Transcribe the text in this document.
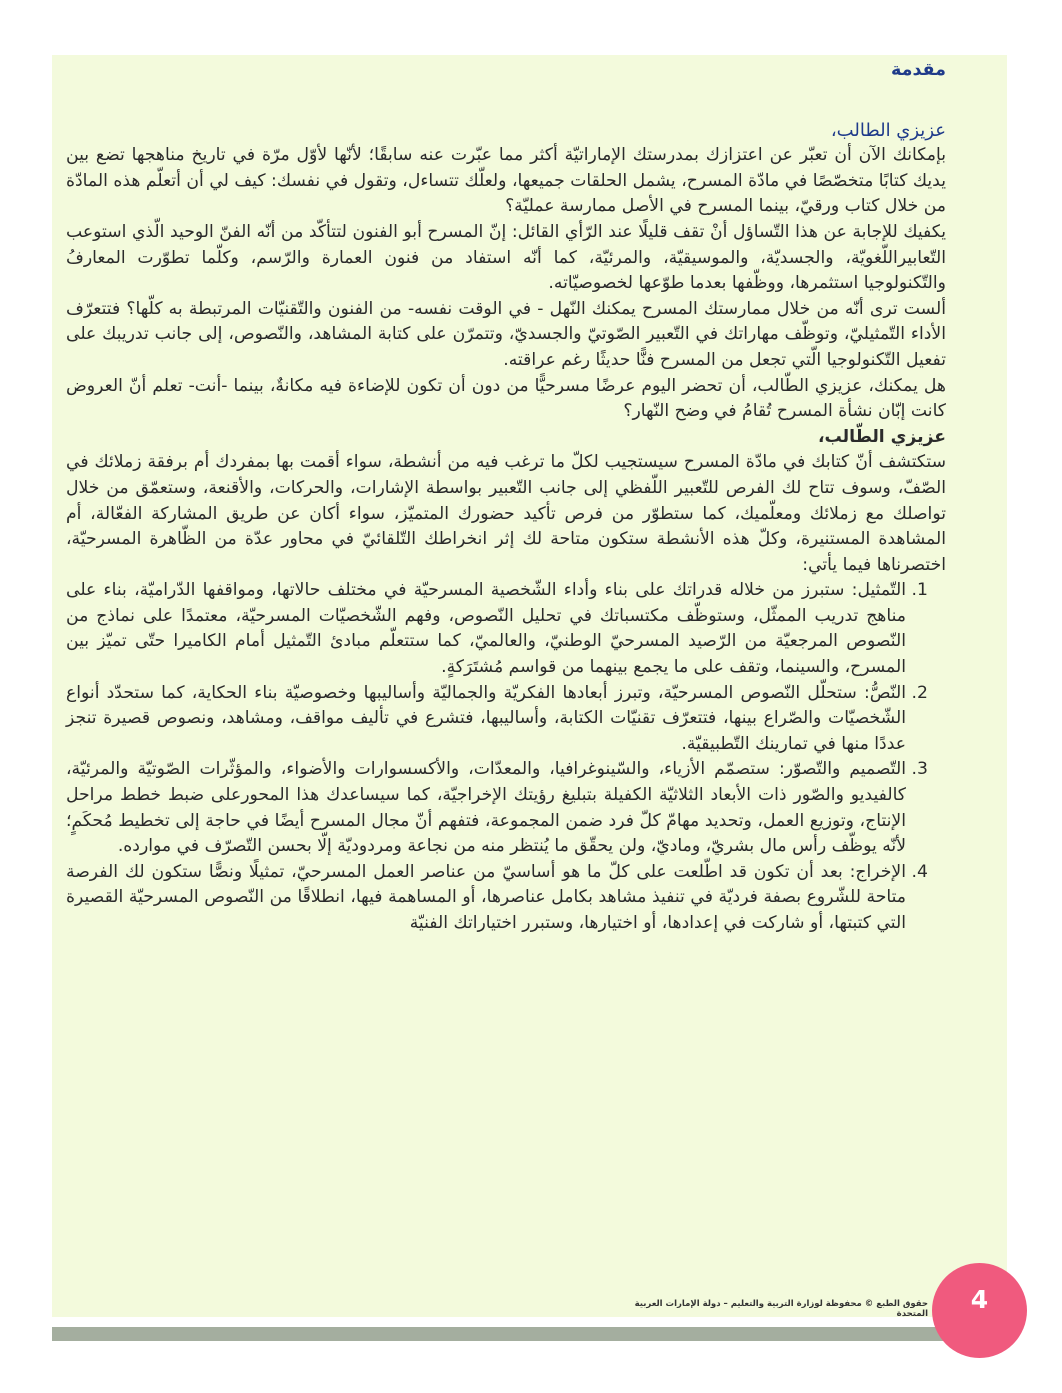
مقدمة

عزيزي الطالب،

بإمكانك الآن أن تعبّر عن اعتزازك بمدرستك الإماراتيّة أكثر مما عبّرت عنه سابقًا؛ لأنّها لأوّل مرّة في تاريخ مناهجها تضع بين يديك كتابًا متخصّصًا في مادّة المسرح، يشمل الحلقات جميعها، ولعلّك تتساءل، وتقول في نفسك: كيف لي أن أتعلّم هذه المادّة من خلال كتاب ورقيّ، بينما المسرح في الأصل ممارسة عمليّة؟

يكفيك للإجابة عن هذا التّساؤل أنْ تقف قليلًا عند الرّأي القائل: إنّ المسرح أبو الفنون لتتأكّد من أنّه الفنّ الوحيد الّذي استوعب التّعابيراللّغويّة، والجسديّة، والموسيقيّة، والمرئيّة، كما أنّه استفاد من فنون العمارة والرّسم، وكلّما تطوّرت المعارفُ والتّكنولوجيا استثمرها، ووظّفها بعدما طوّعها لخصوصيّاته.

ألست ترى أنّه من خلال ممارستك المسرح يمكنك النّهل - في الوقت نفسه- من الفنون والتّقنيّات المرتبطة به كلّها؟ فتتعرّف الأداء التّمثيليّ، وتوظّف مهاراتك في التّعبير الصّوتيّ والجسديّ، وتتمرّن على كتابة المشاهد، والنّصوص، إلى جانب تدريبك على تفعيل التّكنولوجيا الّتي تجعل من المسرح فنًّا حديثًا رغم عراقته.

هل يمكنك، عزيزي الطّالب، أن تحضر اليوم عرضًا مسرحيًّا من دون أن تكون للإضاءة فيه مكانةٌ، بينما -أنت- تعلم أنّ العروض كانت إبّان نشأة المسرح تُقامُ في وضح النّهار؟

عزيزي الطّالب،

ستكتشف أنّ كتابك في مادّة المسرح سيستجيب لكلّ ما ترغب فيه من أنشطة، سواء أقمت بها بمفردك أم برفقة زملائك في الصّفّ، وسوف تتاح لك الفرص للتّعبير اللّفظي إلى جانب التّعبير بواسطة الإشارات، والحركات، والأقنعة، وستعمّق من خلال تواصلك مع زملائك ومعلّميك، كما ستطوّر من فرص تأكيد حضورك المتميّز، سواء أكان عن طريق المشاركة الفعّالة، أم المشاهدة المستنيرة، وكلّ هذه الأنشطة ستكون متاحة لك إثر انخراطك التّلقائيّ في محاور عدّة من الظّاهرة المسرحيّة، اختصرناها فيما يأتي:

1. التّمثيل: ستبرز من خلاله قدراتك على بناء وأداء الشّخصية المسرحيّة في مختلف حالاتها، ومواقفها الدّراميّة، بناء على مناهج تدريب الممثّل، وستوظّف مكتسباتك في تحليل النّصوص، وفهم الشّخصيّات المسرحيّة، معتمدًا على نماذج من النّصوص المرجعيّة من الرّصيد المسرحيّ الوطنيّ، والعالميّ، كما ستتعلّم مبادئ التّمثيل أمام الكاميرا حتّى تميّز بين المسرح، والسينما، وتقف على ما يجمع بينهما من قواسم مُشتَرَكةٍ.
2. النّصُّ: ستحلّل النّصوص المسرحيّة، وتبرز أبعادها الفكريّة والجماليّة وأساليبها وخصوصيّة بناء الحكاية، كما ستحدّد أنواع الشّخصيّات والصّراع بينها، فتتعرّف تقنيّات الكتابة، وأساليبها، فتشرع في تأليف مواقف، ومشاهد، ونصوص قصيرة تنجز عددًا منها في تمارينك التّطبيقيّة.
3. التّصميم والتّصوّر: ستصمّم الأزياء، والسّينوغرافيا، والمعدّات، والأكسسوارات والأضواء، والمؤثّرات الصّوتيّة والمرئيّة، كالفيديو والصّور ذات الأبعاد الثلاثيّة الكفيلة بتبليغ رؤيتك الإخراجيّة، كما سيساعدك هذا المحورعلى ضبط خطط مراحل الإنتاج، وتوزيع العمل، وتحديد مهامّ كلّ فرد ضمن المجموعة، فتفهم أنّ مجال المسرح أيضًا في حاجة إلى تخطيط مُحكَمٍ؛ لأنّه يوظّف رأس مال بشريّ، وماديّ، ولن يحقّق ما يُنتظر منه من نجاعة ومردوديّة إلّا بحسن التّصرّف في موارده.
4. الإخراج: بعد أن تكون قد اطّلعت على كلّ ما هو أساسيّ من عناصر العمل المسرحيّ، تمثيلًا ونصًّا ستكون لك الفرصة متاحة للشّروع بصفة فرديّة في تنفيذ مشاهد بكامل عناصرها، أو المساهمة فيها، انطلاقًا من النّصوص المسرحيّة القصيرة التي كتبتها، أو شاركت في إعدادها، أو اختيارها، وستبرر اختياراتك الفنيّة
حقوق الطبع © محفوظة لوزارة التربية والتعليم – دولة الإمارات العربية المتحدة	4
